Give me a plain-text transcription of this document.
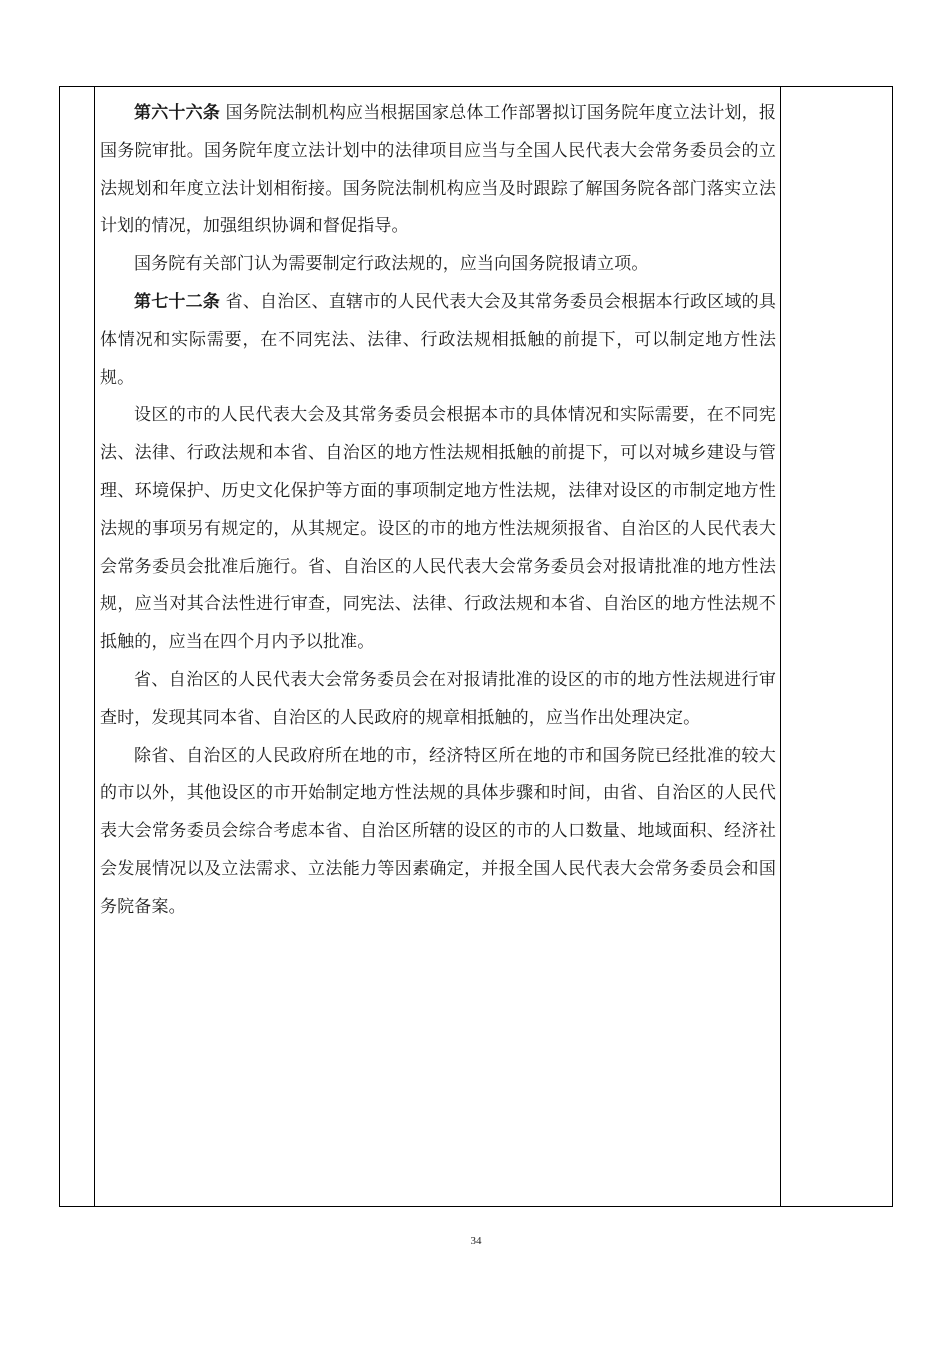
第六十六条 国务院法制机构应当根据国家总体工作部署拟订国务院年度立法计划，报国务院审批。国务院年度立法计划中的法律项目应当与全国人民代表大会常务委员会的立法规划和年度立法计划相衔接。国务院法制机构应当及时跟踪了解国务院各部门落实立法计划的情况，加强组织协调和督促指导。

国务院有关部门认为需要制定行政法规的，应当向国务院报请立项。

第七十二条 省、自治区、直辖市的人民代表大会及其常务委员会根据本行政区域的具体情况和实际需要，在不同宪法、法律、行政法规相抵触的前提下，可以制定地方性法规。

设区的市的人民代表大会及其常务委员会根据本市的具体情况和实际需要，在不同宪法、法律、行政法规和本省、自治区的地方性法规相抵触的前提下，可以对城乡建设与管理、环境保护、历史文化保护等方面的事项制定地方性法规，法律对设区的市制定地方性法规的事项另有规定的，从其规定。设区的市的地方性法规须报省、自治区的人民代表大会常务委员会批准后施行。省、自治区的人民代表大会常务委员会对报请批准的地方性法规，应当对其合法性进行审查，同宪法、法律、行政法规和本省、自治区的地方性法规不抵触的，应当在四个月内予以批准。

省、自治区的人民代表大会常务委员会在对报请批准的设区的市的地方性法规进行审查时，发现其同本省、自治区的人民政府的规章相抵触的，应当作出处理决定。

除省、自治区的人民政府所在地的市，经济特区所在地的市和国务院已经批准的较大的市以外，其他设区的市开始制定地方性法规的具体步骤和时间，由省、自治区的人民代表大会常务委员会综合考虑本省、自治区所辖的设区的市的人口数量、地域面积、经济社会发展情况以及立法需求、立法能力等因素确定，并报全国人民代表大会常务委员会和国务院备案。

34
